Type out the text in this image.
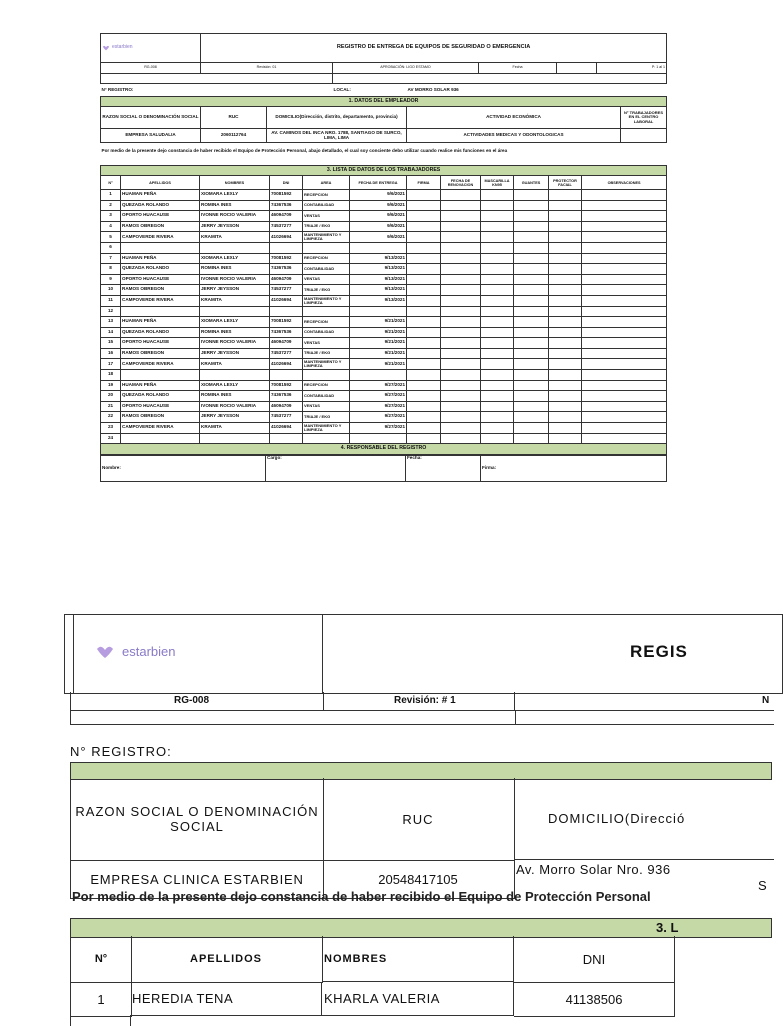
estarbien	REGISTRO DE ENTREGA DE EQUIPOS DE SEGURIDAD O EMERGENCIA				
RG-008	Revisión: 01	APROBACIÓN: LIGO ESTAMO	Fecha		P: 1 al 1

N° REGISTRO:			LOCAL:	AV MORRO SOLAR 936	
1. DATOS DEL EMPLEADOR					
RAZON SOCIAL O DENOMINACIÓN SOCIAL	RUC	DOMICILIO(Dirección, distrito, departamento, provincia)		ACTIVIDAD ECONÓMICA	N° TRABAJADORES EN EL CENTRO LABORAL
EMPRESA SALUDALIA	2060112764	AV. CAMINOS DEL INCA NRO. 1788, SANTIAGO DE SURCO, LIMA, LIMA		ACTIVIDADES MEDICAS Y ODONTOLOGICAS	
Por medio de la presente dejo constancia de haber recibido el Equipo de Protección Personal, abajo detallado, el cual soy conciente debo utilizar cuando realice mis funciones en el área					

3. LISTA DE DATOS DE LOS TRABAJADORES											
N°	APELLIDOS	NOMBRES	DNI	AREA	FECHA DE ENTREGA	FIRMA	FECHA DE RENOVACION	MASCARILLA KN95	GUANTES	PROTECTOR FACIAL	OBSERVACIONES
1	HUAMAN PEÑA	XIOMARA LEXLY	70081592	RECEPCION	9/6/2021						
2	QUEZADA ROLANDO	ROMINA INES	74367536	CONTABILIDAD	9/6/2021						
3	OPORTO HUACAUSE	IVONNE ROCIO VALERIA	46094709	VENTAS	9/6/2021						
4	RAMOS OBREGON	JERRY JEYSSON	74537277	TRIAJE / EKG	9/6/2021						
5	CAMPOVERDE RIVERA	KRAMITA	41026694	MANTENIMIENTO Y LIMPIEZA	9/6/2021						
6											
7	HUAMAN PEÑA	XIOMARA LEXLY	70081592	RECEPCION	9/13/2021						
8	QUEZADA ROLANDO	ROMINA INES	74367536	CONTABILIDAD	9/13/2021						
9	OPORTO HUACAUSE	IVONNE ROCIO VALERIA	46094709	VENTAS	9/13/2021						
10	RAMOS OBREGON	JERRY JEYSSON	74537277	TRIAJE / EKG	9/13/2021						
11	CAMPOVERDE RIVERA	KRAMITA	41026694	MANTENIMIENTO Y LIMPIEZA	9/13/2021						
12											
13	HUAMAN PEÑA	XIOMARA LEXLY	70081592	RECEPCION	9/21/2021						
14	QUEZADA ROLANDO	ROMINA INES	74367536	CONTABILIDAD	9/21/2021						
15	OPORTO HUACAUSE	IVONNE ROCIO VALERIA	46094709	VENTAS	9/21/2021						
16	RAMOS OBREGON	JERRY JEYSSON	74537277	TRIAJE / EKG	9/21/2021						
17	CAMPOVERDE RIVERA	KRAMITA	41026694	MANTENIMIENTO Y LIMPIEZA	9/21/2021						
18											
19	HUAMAN PEÑA	XIOMARA LEXLY	70081592	RECEPCION	9/27/2021						
20	QUEZADA ROLANDO	ROMINA INES	74367536	CONTABILIDAD	9/27/2021						
21	OPORTO HUACAUSE	IVONNE ROCIO VALERIA	46094709	VENTAS	9/27/2021						
22	RAMOS OBREGON	JERRY JEYSSON	74537277	TRIAJE / EKG	9/27/2021						
23	CAMPOVERDE RIVERA	KRAMITA	41026694	MANTENIMIENTO Y LIMPIEZA	9/27/2021						
24											
4. RESPONSABLE DEL REGISTRO											
Nombre:	Cargo:	Fecha:	Firma:
estarbien	REGIS
RG-008	Revisión: # 1	N
N° REGISTRO:
RAZON SOCIAL O DENOMINACIÓN SOCIAL	RUC	DOMICILIO(Direcció
EMPRESA CLINICA ESTARBIEN	20548417105
Av. Morro Solar Nro. 936
S
Por medio de la presente dejo constancia de haber recibido el Equipo de Protección Personal
3. L
N°	APELLIDOS	NOMBRES	DNI
1	HEREDIA TENA	KHARLA VALERIA	41138506
